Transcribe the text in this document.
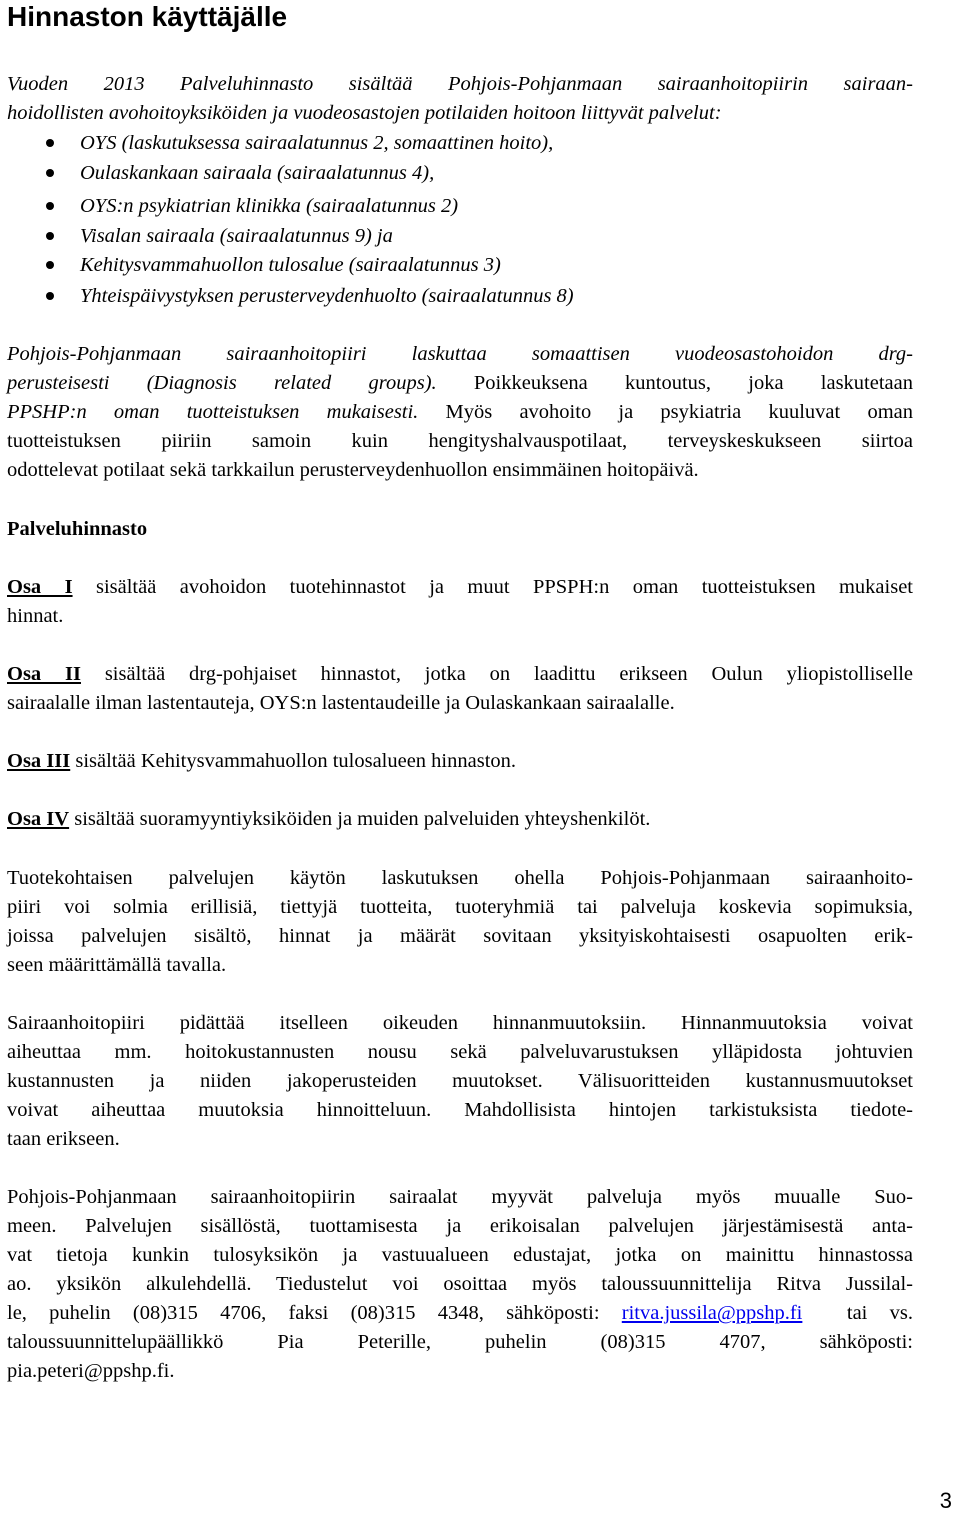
Hinnaston käyttäjälle
Vuoden 2013 Palveluhinnasto sisältää Pohjois-Pohjanmaan sairaanhoitopiirin sairaan-
hoidollisten avohoitoyksiköiden ja vuodeosastojen potilaiden hoitoon liittyvät palvelut:
OYS (laskutuksessa sairaalatunnus 2, somaattinen hoito),
Oulaskankaan sairaala (sairaalatunnus 4),
OYS:n psykiatrian klinikka (sairaalatunnus 2)
Visalan sairaala (sairaalatunnus 9) ja
Kehitysvammahuollon tulosalue (sairaalatunnus 3)
Yhteispäivystyksen perusterveydenhuolto (sairaalatunnus 8)
Pohjois-Pohjanmaan sairaanhoitopiiri laskuttaa somaattisen vuodeosastohoidon drg-
perusteisesti (Diagnosis related groups). Poikkeuksena kuntoutus, joka laskutetaan
PPSHP:n oman tuotteistuksen mukaisesti. Myös avohoito ja psykiatria kuuluvat oman
tuotteistuksen piiriin samoin kuin hengityshalvauspotilaat, terveyskeskukseen siirtoa
odottelevat potilaat sekä tarkkailun perusterveydenhuollon ensimmäinen hoitopäivä.
Palveluhinnasto
Osa I sisältää avohoidon tuotehinnastot ja muut PPSPH:n oman tuotteistuksen mukaiset
hinnat.
Osa II sisältää drg-pohjaiset hinnastot, jotka on laadittu erikseen Oulun yliopistolliselle
sairaalalle ilman lastentauteja, OYS:n lastentaudeille ja Oulaskankaan sairaalalle.
Osa III sisältää Kehitysvammahuollon tulosalueen hinnaston.
Osa IV sisältää suoramyyntiyksiköiden ja muiden palveluiden yhteyshenkilöt.
Tuotekohtaisen palvelujen käytön laskutuksen ohella Pohjois-Pohjanmaan sairaanhoito-
piiri voi solmia erillisiä, tiettyjä tuotteita, tuoteryhmiä tai palveluja koskevia sopimuksia,
joissa palvelujen sisältö, hinnat ja määrät sovitaan yksityiskohtaisesti osapuolten erik-
seen määrittämällä tavalla.
Sairaanhoitopiiri pidättää itselleen oikeuden hinnanmuutoksiin. Hinnanmuutoksia voivat
aiheuttaa mm. hoitokustannusten nousu sekä palveluvarustuksen ylläpidosta johtuvien
kustannusten ja niiden jakoperusteiden muutokset. Välisuoritteiden kustannusmuutokset
voivat aiheuttaa muutoksia hinnoitteluun. Mahdollisista hintojen tarkistuksista tiedote-
taan erikseen.
Pohjois-Pohjanmaan sairaanhoitopiirin sairaalat myyvät palveluja myös muualle Suo-
meen. Palvelujen sisällöstä, tuottamisesta ja erikoisalan palvelujen järjestämisestä anta-
vat tietoja kunkin tulosyksikön ja vastuualueen edustajat, jotka on mainittu hinnastossa
ao. yksikön alkulehdellä. Tiedustelut voi osoittaa myös taloussuunnittelija Ritva Jussilal-
le, puhelin (08)315 4706, faksi (08)315 4348, sähköposti: ritva.jussila@ppshp.fi  tai vs.
taloussuunnittelupäällikkö  Pia  Peterille,  puhelin  (08)315  4707,  sähköposti:
pia.peteri@ppshp.fi.
3
